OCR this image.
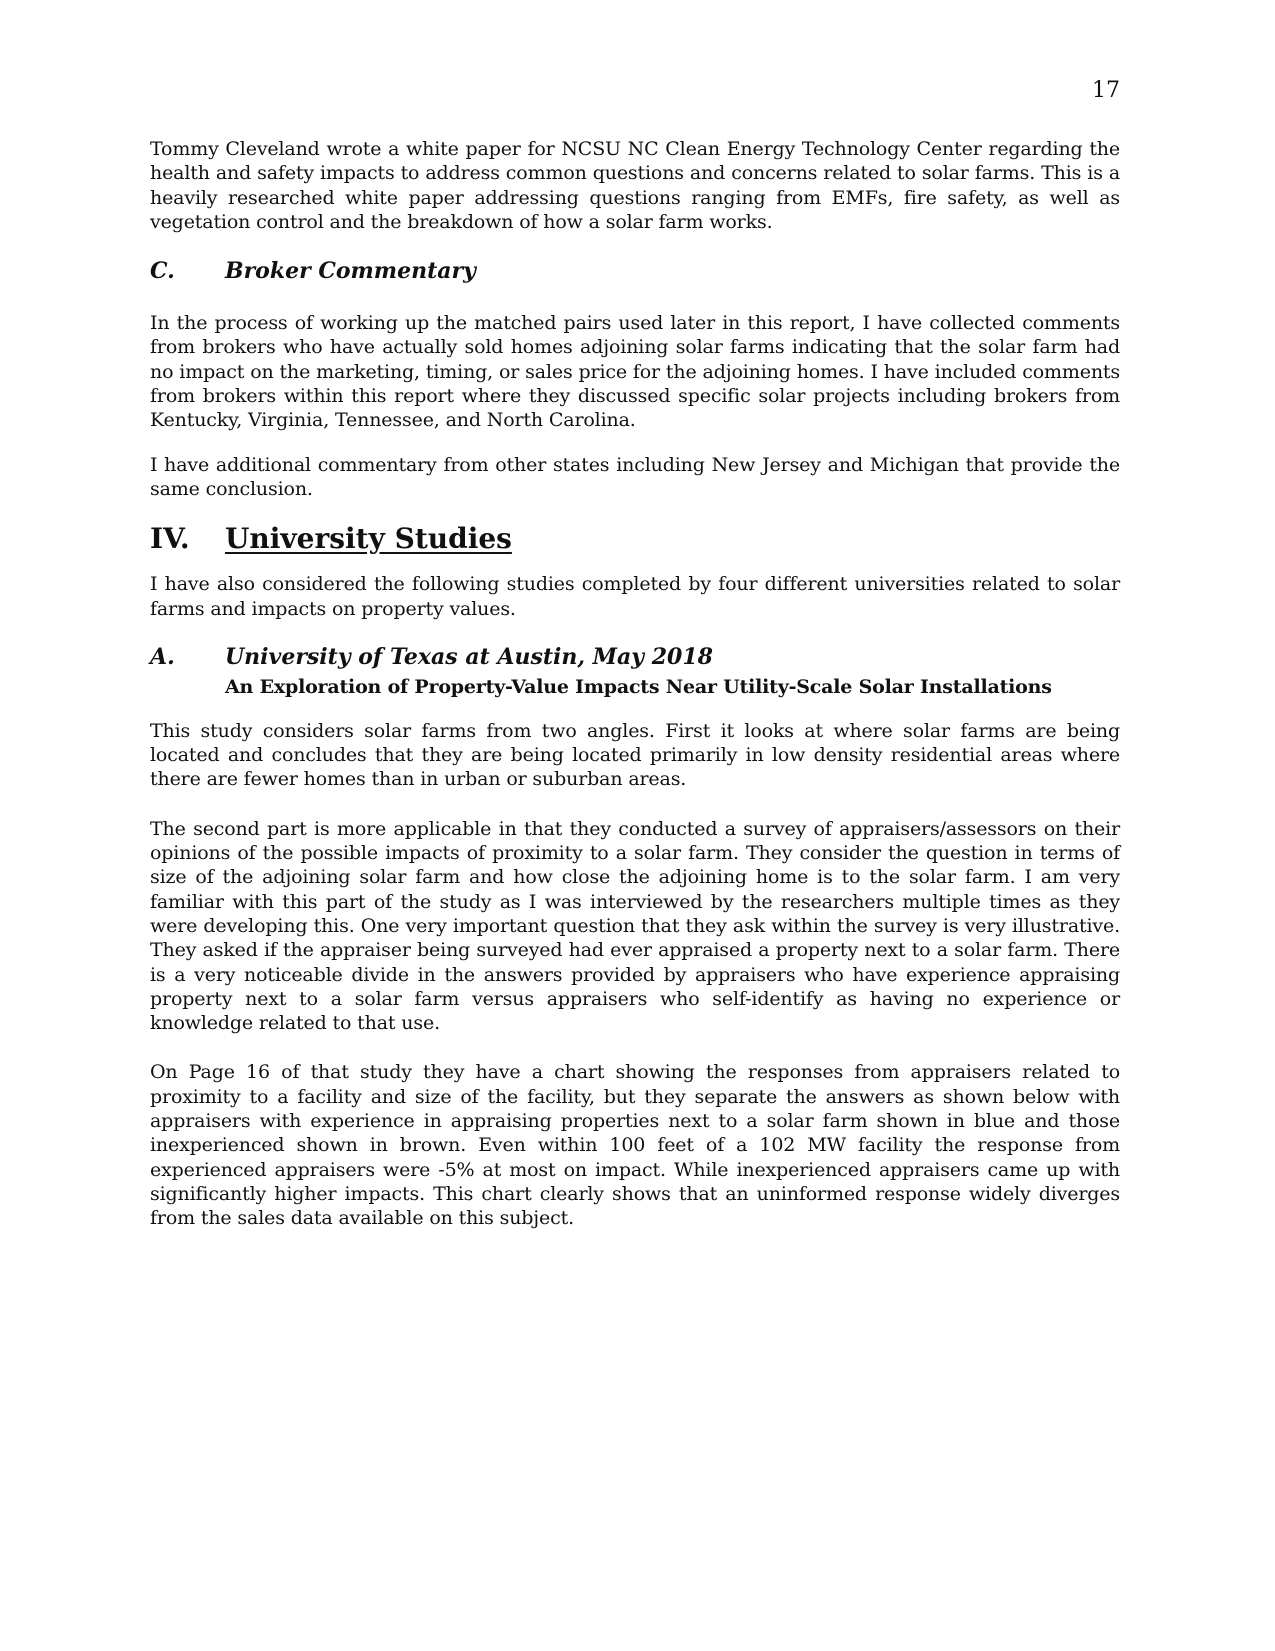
17

Tommy Cleveland wrote a white paper for NCSU NC Clean Energy Technology Center regarding the health and safety impacts to address common questions and concerns related to solar farms. This is a heavily researched white paper addressing questions ranging from EMFs, fire safety, as well as vegetation control and the breakdown of how a solar farm works.

C.	Broker Commentary

In the process of working up the matched pairs used later in this report, I have collected comments from brokers who have actually sold homes adjoining solar farms indicating that the solar farm had no impact on the marketing, timing, or sales price for the adjoining homes. I have included comments from brokers within this report where they discussed specific solar projects including brokers from Kentucky, Virginia, Tennessee, and North Carolina.

I have additional commentary from other states including New Jersey and Michigan that provide the same conclusion.

IV.	University Studies

I have also considered the following studies completed by four different universities related to solar farms and impacts on property values.

A.	University of Texas at Austin, May 2018
An Exploration of Property-Value Impacts Near Utility-Scale Solar Installations

This study considers solar farms from two angles. First it looks at where solar farms are being located and concludes that they are being located primarily in low density residential areas where there are fewer homes than in urban or suburban areas.

The second part is more applicable in that they conducted a survey of appraisers/assessors on their opinions of the possible impacts of proximity to a solar farm. They consider the question in terms of size of the adjoining solar farm and how close the adjoining home is to the solar farm. I am very familiar with this part of the study as I was interviewed by the researchers multiple times as they were developing this. One very important question that they ask within the survey is very illustrative. They asked if the appraiser being surveyed had ever appraised a property next to a solar farm. There is a very noticeable divide in the answers provided by appraisers who have experience appraising property next to a solar farm versus appraisers who self-identify as having no experience or knowledge related to that use.

On Page 16 of that study they have a chart showing the responses from appraisers related to proximity to a facility and size of the facility, but they separate the answers as shown below with appraisers with experience in appraising properties next to a solar farm shown in blue and those inexperienced shown in brown. Even within 100 feet of a 102 MW facility the response from experienced appraisers were -5% at most on impact. While inexperienced appraisers came up with significantly higher impacts. This chart clearly shows that an uninformed response widely diverges from the sales data available on this subject.
